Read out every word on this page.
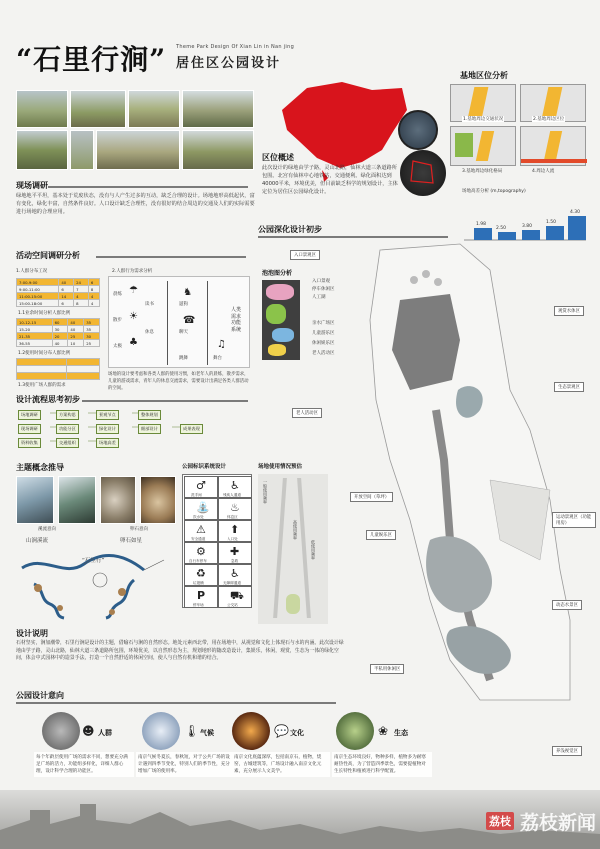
“石里行涧” Theme Park Design Of Xian Lin in Nan jing
居住区公园设计
区位概述
此次设计的绿地由学子路，灵山北路，仙林大道三条道路所包围。北宫有仙林中心地铁站，交通便利。绿化面积达到40000平米，环境优美，但目前缺乏科学的规划设计，主体定位为居住区公园绿化设计。
基地区位分析
1.基地周边交通状况	2.基地周边区位
3.基地周边绿化格局	4.周边人流
现场调研
绿地地平平坦，基本处于荒废状态，没有与人产生过多的互动，缺乏合理的设计。场地地形高低起伏，富有变化，绿化丰富，自然条件良好。人口设计缺乏合理性，没有很好的结合周边的交通及人们的实际需要进行场地的合理应用。
场地高差分析 (m,topography)
1.98
2.50	3.80
1.50
4.30
公园深化设计初步
活动空间调研分析
1.人群分布工况
7:00-9:00	40	24	6
9:00-11:00	6	7	8
11:00-15:00	14	4	4
15:00-18:00	6	8	4
1.1业余时间分析人群比例
10-12-15	60	40	35
15-20	30	40	35
21-35	20	25	30
36-55	40	10	25
1.2使用时间分布人群比例

1.3使用广场人群的需求
2.人群行为需求分析
晨练
散步
太极
读书
休息
遛狗
聊天
跳舞	舞台
人类需求功能系统
☂
☀
♣
♞
☎
♫
场地的设计要考虑和各类人群的使用习惯，如老年人的晨练，散步需求，儿童的游戏需求，青年人的休息交流需求，需要设计出满足各类人群活动的空间。
设计流程思考初步
场地调研
现场调研
资料收集
方案构思
功能分区
交通组织
景观节点
绿化设计
场地高差
整体规划
细部设计	成果表现
主题概念推导
溪流意向	卵石意向
山涧溪流	卵石如星
“石里行”
公园标识系统设计
♂
洗手间
♿
残疾人通道
⛲
饮水处
♨
休息区
⚠
安全通道
⬆
入口处
⚙
自行车停车
✚
急救
♻
垃圾桶
♿
无障碍通道
P
停车场
⛟
公交站
场地使用情况预估
一般使用频率
高使用频率
低使用频率
泡泡图分析
入口景观
停车休闲区
人工湖
亲水广场区
儿童游乐区
休闲娱乐区
老人活动区
入口景观区
观赏水体区
生态景观区
老人活动区
开放空间（草坪）
儿童娱乐区
运动景观区（功能用房）
动态水景区
半私用休闲区
养浅视觉区
设计说明
石材坚实，涧加潮带，石里行涧是设计的主题，借喻石与涧的自然形态。地处元素西北带，用在场地中，从视觉和文化上体现石与水的内涵。此次设计绿地由学子路，灵山北路，仙林大道三条道路所包围，环境优美，以自然形态为主，规划地形的随改造设计，集娱乐，休闲，观赏，生态为一体的绿化空间，体会中式园林中的造景手法，打造一个自然舒适的休闲空间，使人与自然有机和谐的结合。
公园设计意向
☻ 人群
每个年龄层使用广场的需求不同，想要充分满足广场的活力，功能组多样化，详细人群心理，设计科学合理的功能区。
🌡 气候
南京气候冬夏长，春秋短，对于公共广场的设计遇到四季节变化，特别人们的季节性，充分增加广场的使用率。
💬 文化
南京文化底蕴深厚，包括南京石，植物，烧窑，古城建筑等，广场设计融入南京文化元素，充分展示人文美学。
❀ 生态
南京生态环境良好，物种多样，植物多为耐寒耐热性高，为了营造四季景色，需要提植物对生长特性和植被进行科学配置。
荔枝 荔枝新闻
